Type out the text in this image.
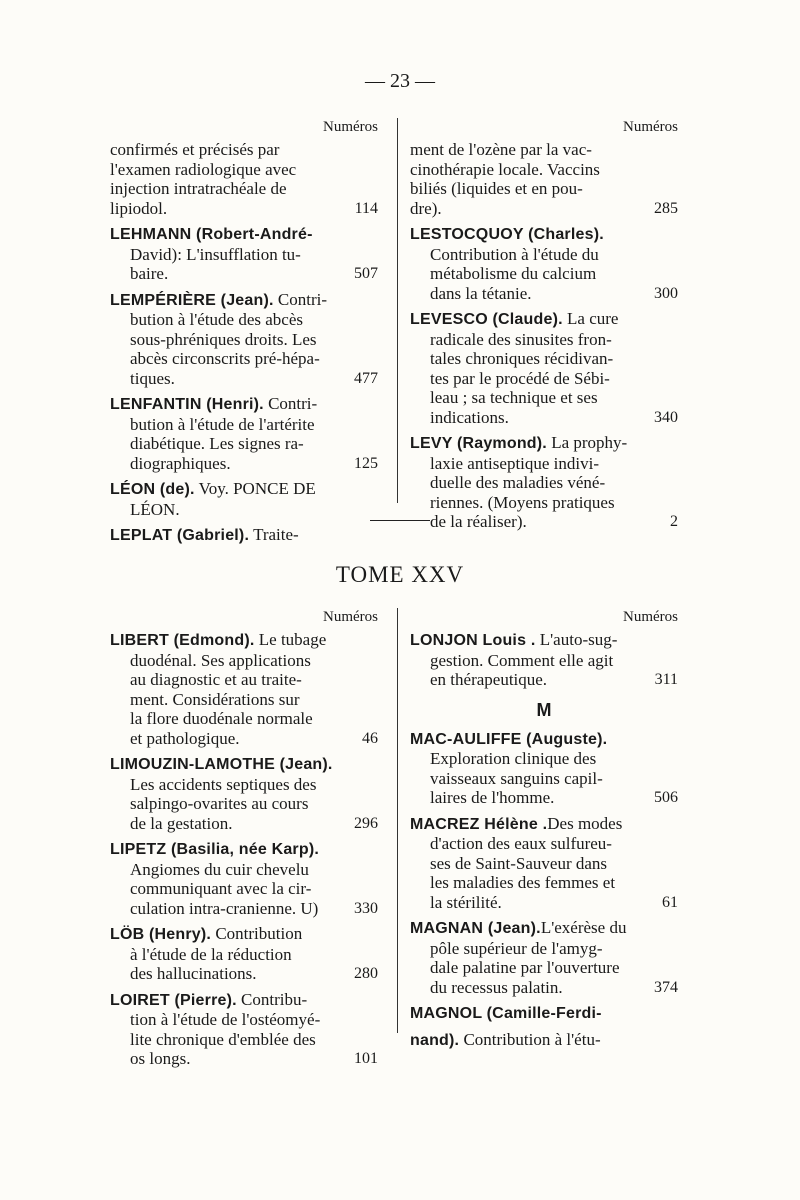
— 23 —
Numéros
confirmés et précisés par
l'examen radiologique avec
injection intratrachéale de
lipiodol.	114
LEHMANN (Robert-André-
David): L'insufflation tu-
baire.	507
LEMPÉRIÈRE (Jean). Contri-
bution à l'étude des abcès
sous-phréniques droits. Les
abcès circonscrits pré-hépa-
tiques.	477
LENFANTIN (Henri). Contri-
bution à l'étude de l'artérite
diabétique. Les signes ra-
diographiques.	125
LÉON (de). Voy. PONCE DE
LÉON.
LEPLAT (Gabriel). Traite-
Numéros
ment de l'ozène par la vac-
cinothérapie locale. Vaccins
biliés (liquides et en pou-
dre).	285
LESTOCQUOY (Charles).
Contribution à l'étude du
métabolisme du calcium
dans la tétanie.	300
LEVESCO (Claude). La cure
radicale des sinusites fron-
tales chroniques récidivan-
tes par le procédé de Sébi-
leau ; sa technique et ses
indications.	340
LEVY (Raymond). La prophy-
laxie antiseptique indivi-
duelle des maladies véné-
riennes. (Moyens pratiques
de la réaliser).	2
TOME XXV
Numéros
LIBERT (Edmond). Le tubage
duodénal. Ses applications
au diagnostic et au traite-
ment. Considérations sur
la flore duodénale normale
et pathologique.	46
LIMOUZIN-LAMOTHE (Jean).
Les accidents septiques des
salpingo-ovarites au cours
de la gestation.	296
LIPETZ (Basilia, née Karp).
Angiomes du cuir chevelu
communiquant avec la cir-
culation intra-cranienne. U)	330
LÖB (Henry). Contribution
à l'étude de la réduction
des hallucinations.	280
LOIRET (Pierre). Contribu-
tion à l'étude de l'ostéomyé-
lite chronique d'emblée des
os longs.	101
Numéros
LONJON Louis . L'auto-sug-
gestion. Comment elle agit
en thérapeutique.	311
M
MAC-AULIFFE (Auguste).
Exploration clinique des
vaisseaux sanguins capil-
laires de l'homme.	506
MACREZ Hélène .Des modes
d'action des eaux sulfureu-
ses de Saint-Sauveur dans
les maladies des femmes et
la stérilité.	61
MAGNAN (Jean).L'exérèse du
pôle supérieur de l'amyg-
dale palatine par l'ouverture
du recessus palatin.	374
MAGNOL (Camille-Ferdi-
nand). Contribution à l'étu-
